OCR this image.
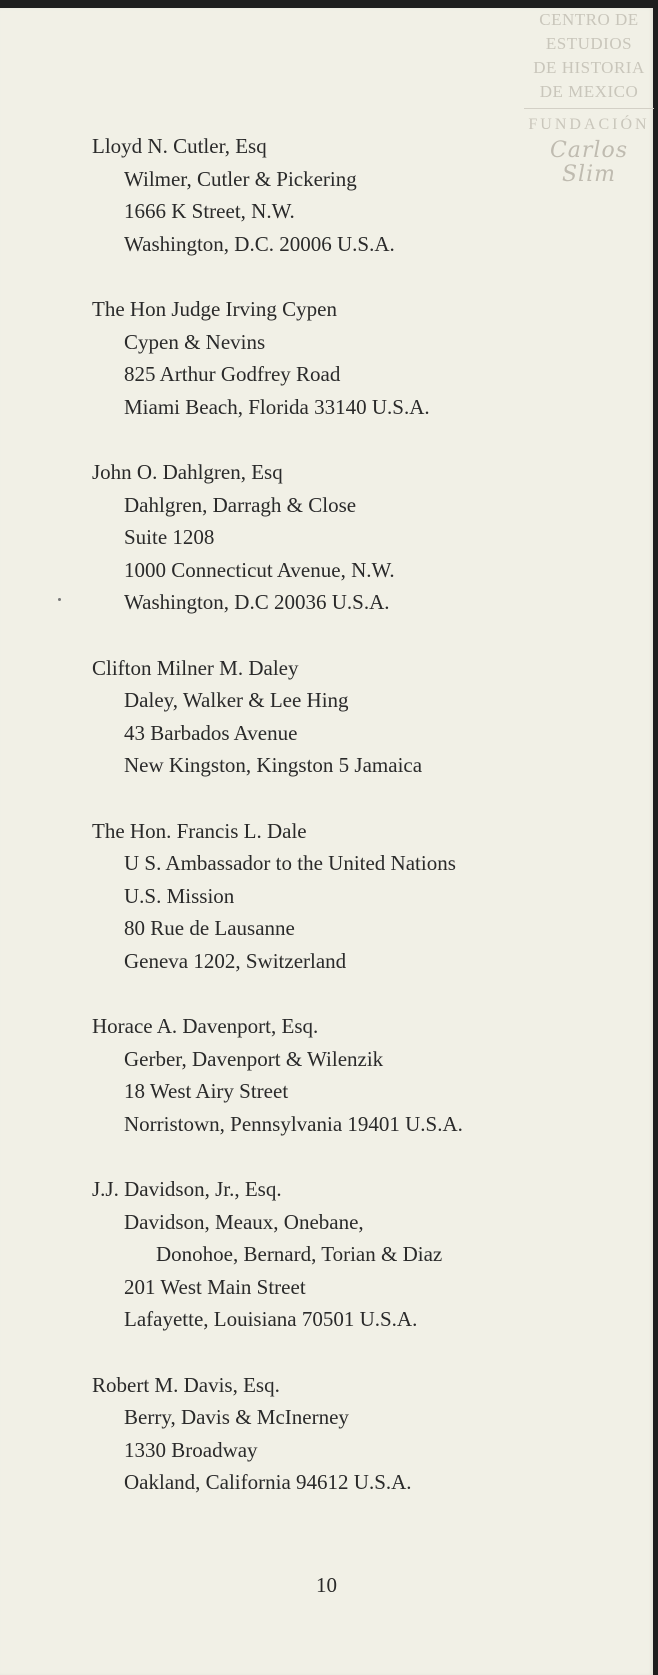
CENTRO DE
ESTUDIOS
DE HISTORIA
DE MEXICO
FUNDACIÓN
Carlos Slim
Lloyd N. Cutler, Esq
Wilmer, Cutler & Pickering
1666 K Street, N.W.
Washington, D.C. 20006 U.S.A.
The Hon Judge Irving Cypen
Cypen & Nevins
825 Arthur Godfrey Road
Miami Beach, Florida 33140 U.S.A.
John O. Dahlgren, Esq
Dahlgren, Darragh & Close
Suite 1208
1000 Connecticut Avenue, N.W.
Washington, D.C 20036 U.S.A.
Clifton Milner M. Daley
Daley, Walker & Lee Hing
43 Barbados Avenue
New Kingston, Kingston 5 Jamaica
The Hon. Francis L. Dale
U S. Ambassador to the United Nations
U.S. Mission
80 Rue de Lausanne
Geneva 1202, Switzerland
Horace A. Davenport, Esq.
Gerber, Davenport & Wilenzik
18 West Airy Street
Norristown, Pennsylvania 19401 U.S.A.
J.J. Davidson, Jr., Esq.
Davidson, Meaux, Onebane,
Donohoe, Bernard, Torian & Diaz
201 West Main Street
Lafayette, Louisiana 70501 U.S.A.
Robert M. Davis, Esq.
Berry, Davis & McInerney
1330 Broadway
Oakland, California 94612 U.S.A.
10
